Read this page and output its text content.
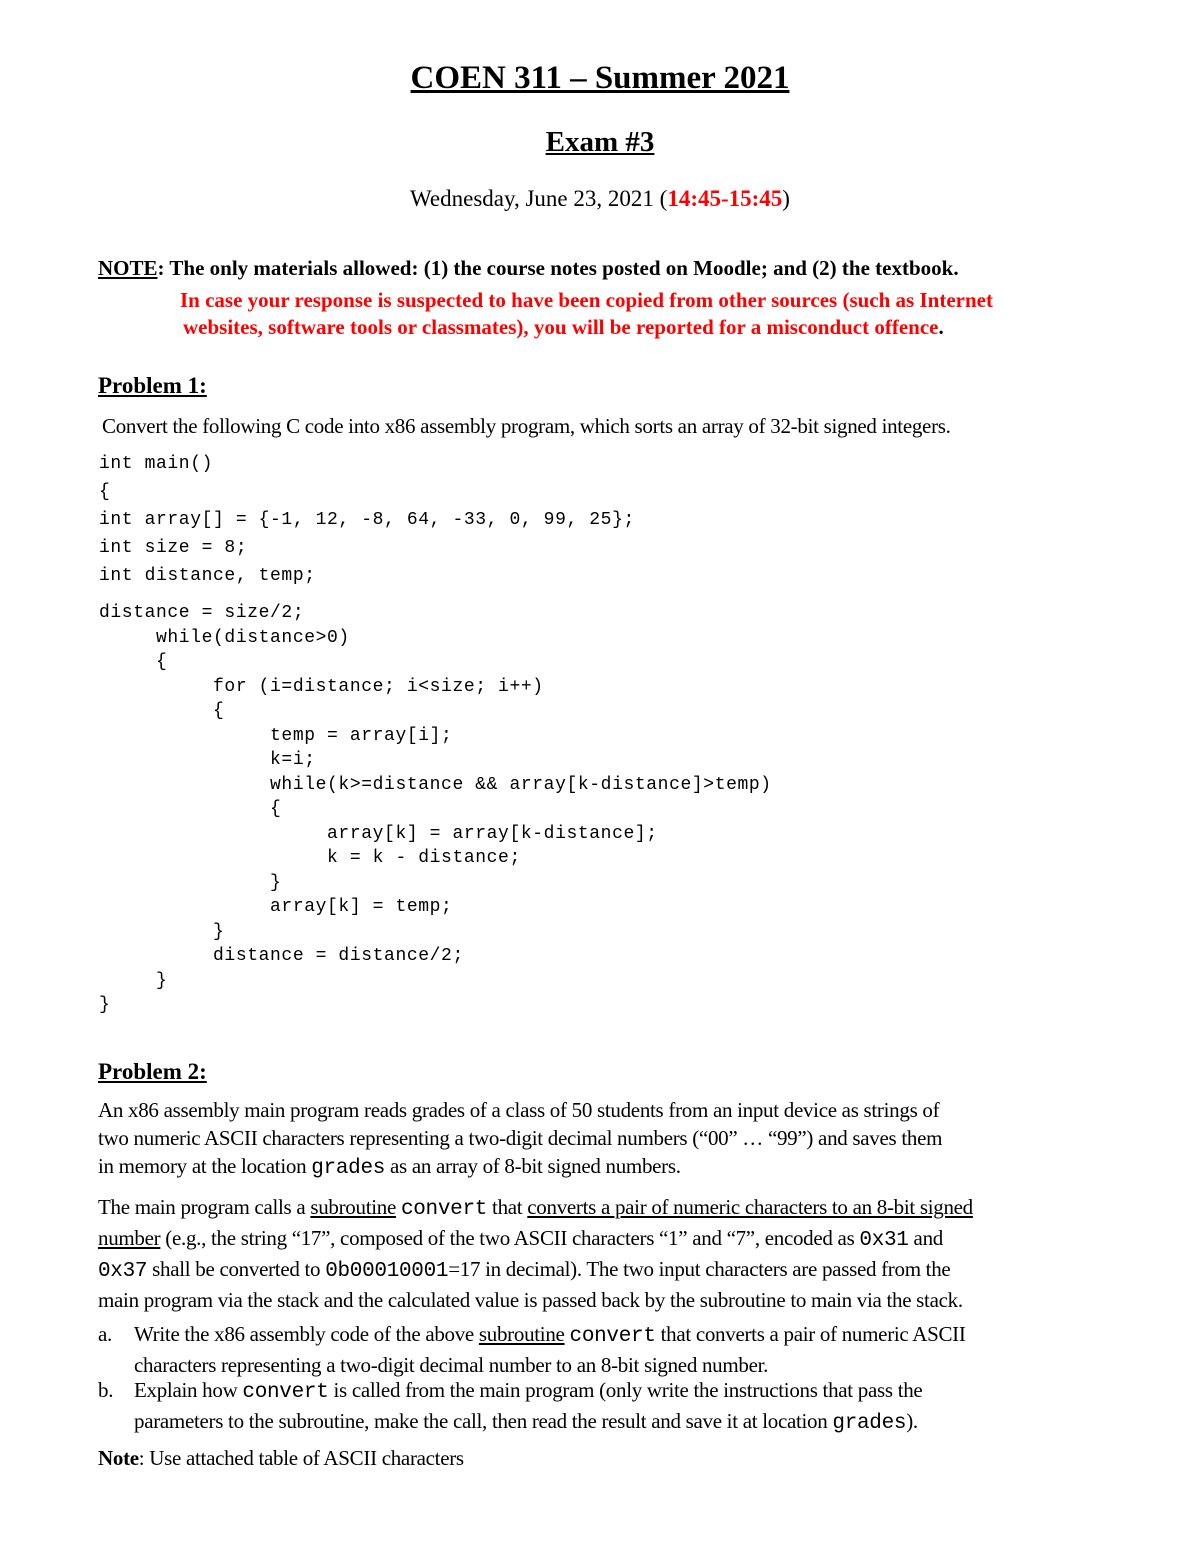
COEN 311 – Summer 2021
Exam #3
Wednesday, June 23, 2021 (14:45-15:45)
NOTE: The only materials allowed: (1) the course notes posted on Moodle; and (2) the textbook.
In case your response is suspected to have been copied from other sources (such as Internet
websites, software tools or classmates), you will be reported for a misconduct offence.
Problem 1:
Convert the following C code into x86 assembly program, which sorts an array of 32-bit signed integers.

int main()

{

int array[] = {-1, 12, -8, 64, -33, 0, 99, 25};

int size = 8;

int distance, temp;

distance = size/2;

while(distance>0)

{

for (i=distance; i<size; i++)

{

temp = array[i];

k=i;

while(k>=distance && array[k-distance]>temp)

{

array[k] = array[k-distance];

k = k - distance;

}

array[k] = temp;

}

distance = distance/2;

}

}

Problem 2:
An x86 assembly main program reads grades of a class of 50 students from an input device as strings of
two numeric ASCII characters representing a two-digit decimal numbers (“00” … “99”) and saves them
in memory at the location grades as an array of 8-bit signed numbers.
The main program calls a subroutine convert that converts a pair of numeric characters to an 8-bit signed
number (e.g., the string “17”, composed of the two ASCII characters “1” and “7”, encoded as 0x31 and
0x37 shall be converted to 0b00010001=17 in decimal). The two input characters are passed from the
main program via the stack and the calculated value is passed back by the subroutine to main via the stack.
a. Write the x86 assembly code of the above subroutine convert that converts a pair of numeric ASCII
characters representing a two-digit decimal number to an 8-bit signed number.
b. Explain how convert is called from the main program (only write the instructions that pass the
parameters to the subroutine, make the call, then read the result and save it at location grades).
Note: Use attached table of ASCII characters
